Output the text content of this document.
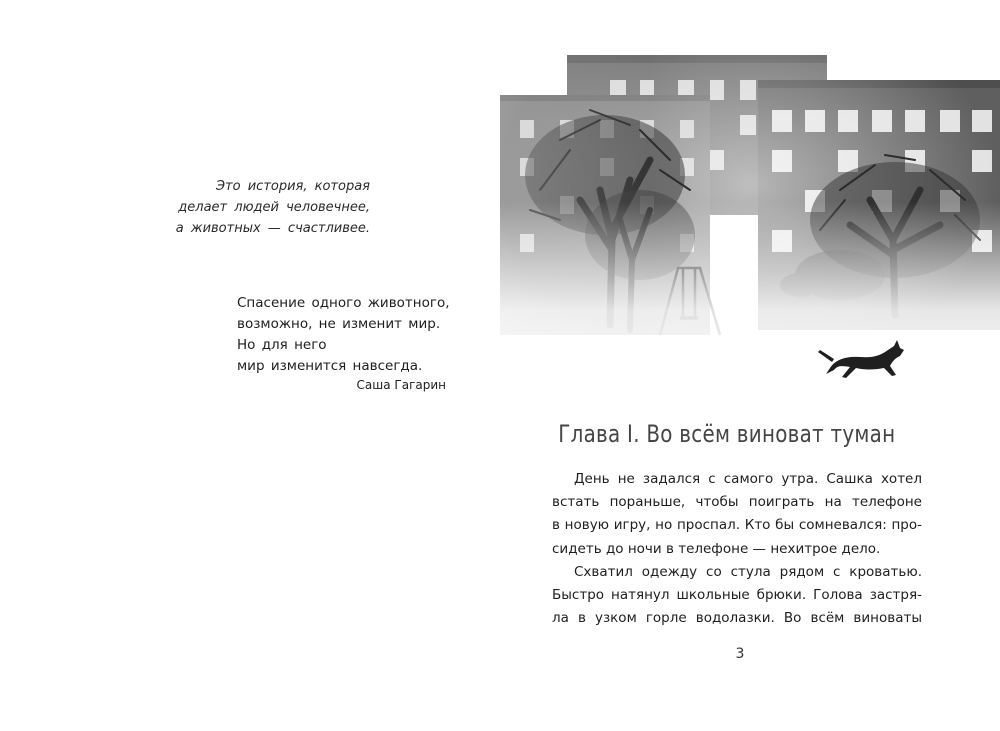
Это история, которая
делает людей человечнее,
а животных — счастливее.
Спасение одного животного,
возможно, не изменит мир.
Но для него
мир изменится навсегда.
Саша Гагарин
Глава I. Во всём виноват туман
День не задался с самого утра. Сашка хотел
встать пораньше, чтобы поиграть на телефоне
в новую игру, но проспал. Кто бы сомневался: про-
сидеть до ночи в телефоне — нехитрое дело.
Схватил одежду со стула рядом с кроватью.
Быстро натянул школьные брюки. Голова застря-
ла в узком горле водолазки. Во всём виноваты
3
